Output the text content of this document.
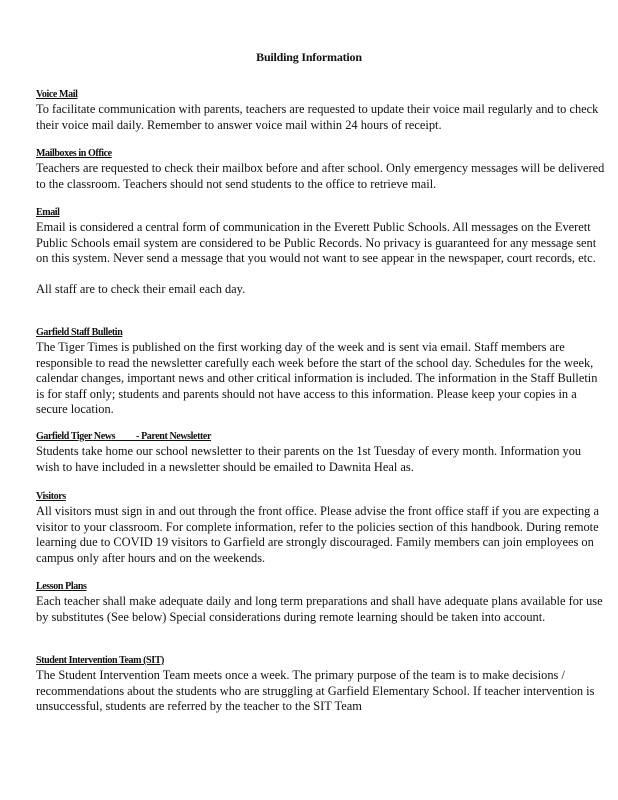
Building Information
Voice Mail

To facilitate communication with parents, teachers are requested to update their voice mail regularly and to check their voice mail daily. Remember to answer voice mail within 24 hours of receipt.

Mailboxes in Office

Teachers are requested to check their mailbox before and after school. Only emergency messages will be delivered to the classroom. Teachers should not send students to the office to retrieve mail.

Email

Email is considered a central form of communication in the Everett Public Schools. All messages on the Everett Public Schools email system are considered to be Public Records. No privacy is guaranteed for any message sent on this system. Never send a message that you would not want to see appear in the newspaper, court records, etc.

All staff are to check their email each day.

Garfield Staff Bulletin

The Tiger Times is published on the first working day of the week and is sent via email. Staff members are responsible to read the newsletter carefully each week before the start of the school day. Schedules for the week, calendar changes, important news and other critical information is included. The information in the Staff Bulletin is for staff only; students and parents should not have access to this information. Please keep your copies in a secure location.

Garfield Tiger News          - Parent Newsletter

Students take home our school newsletter to their parents on the 1st Tuesday of every month. Information you wish to have included in a newsletter should be emailed to Dawnita Heal as.

Visitors

All visitors must sign in and out through the front office. Please advise the front office staff if you are expecting a visitor to your classroom. For complete information, refer to the policies section of this handbook. During remote learning due to COVID 19 visitors to Garfield are strongly discouraged. Family members can join employees on campus only after hours and on the weekends.

Lesson Plans

Each teacher shall make adequate daily and long term preparations and shall have adequate plans available for use by substitutes (See below) Special considerations during remote learning should be taken into account.

Student Intervention Team (SIT)

The Student Intervention Team meets once a week. The primary purpose of the team is to make decisions / recommendations about the students who are struggling at Garfield Elementary School. If teacher intervention is unsuccessful, students are referred by the teacher to the SIT Team
